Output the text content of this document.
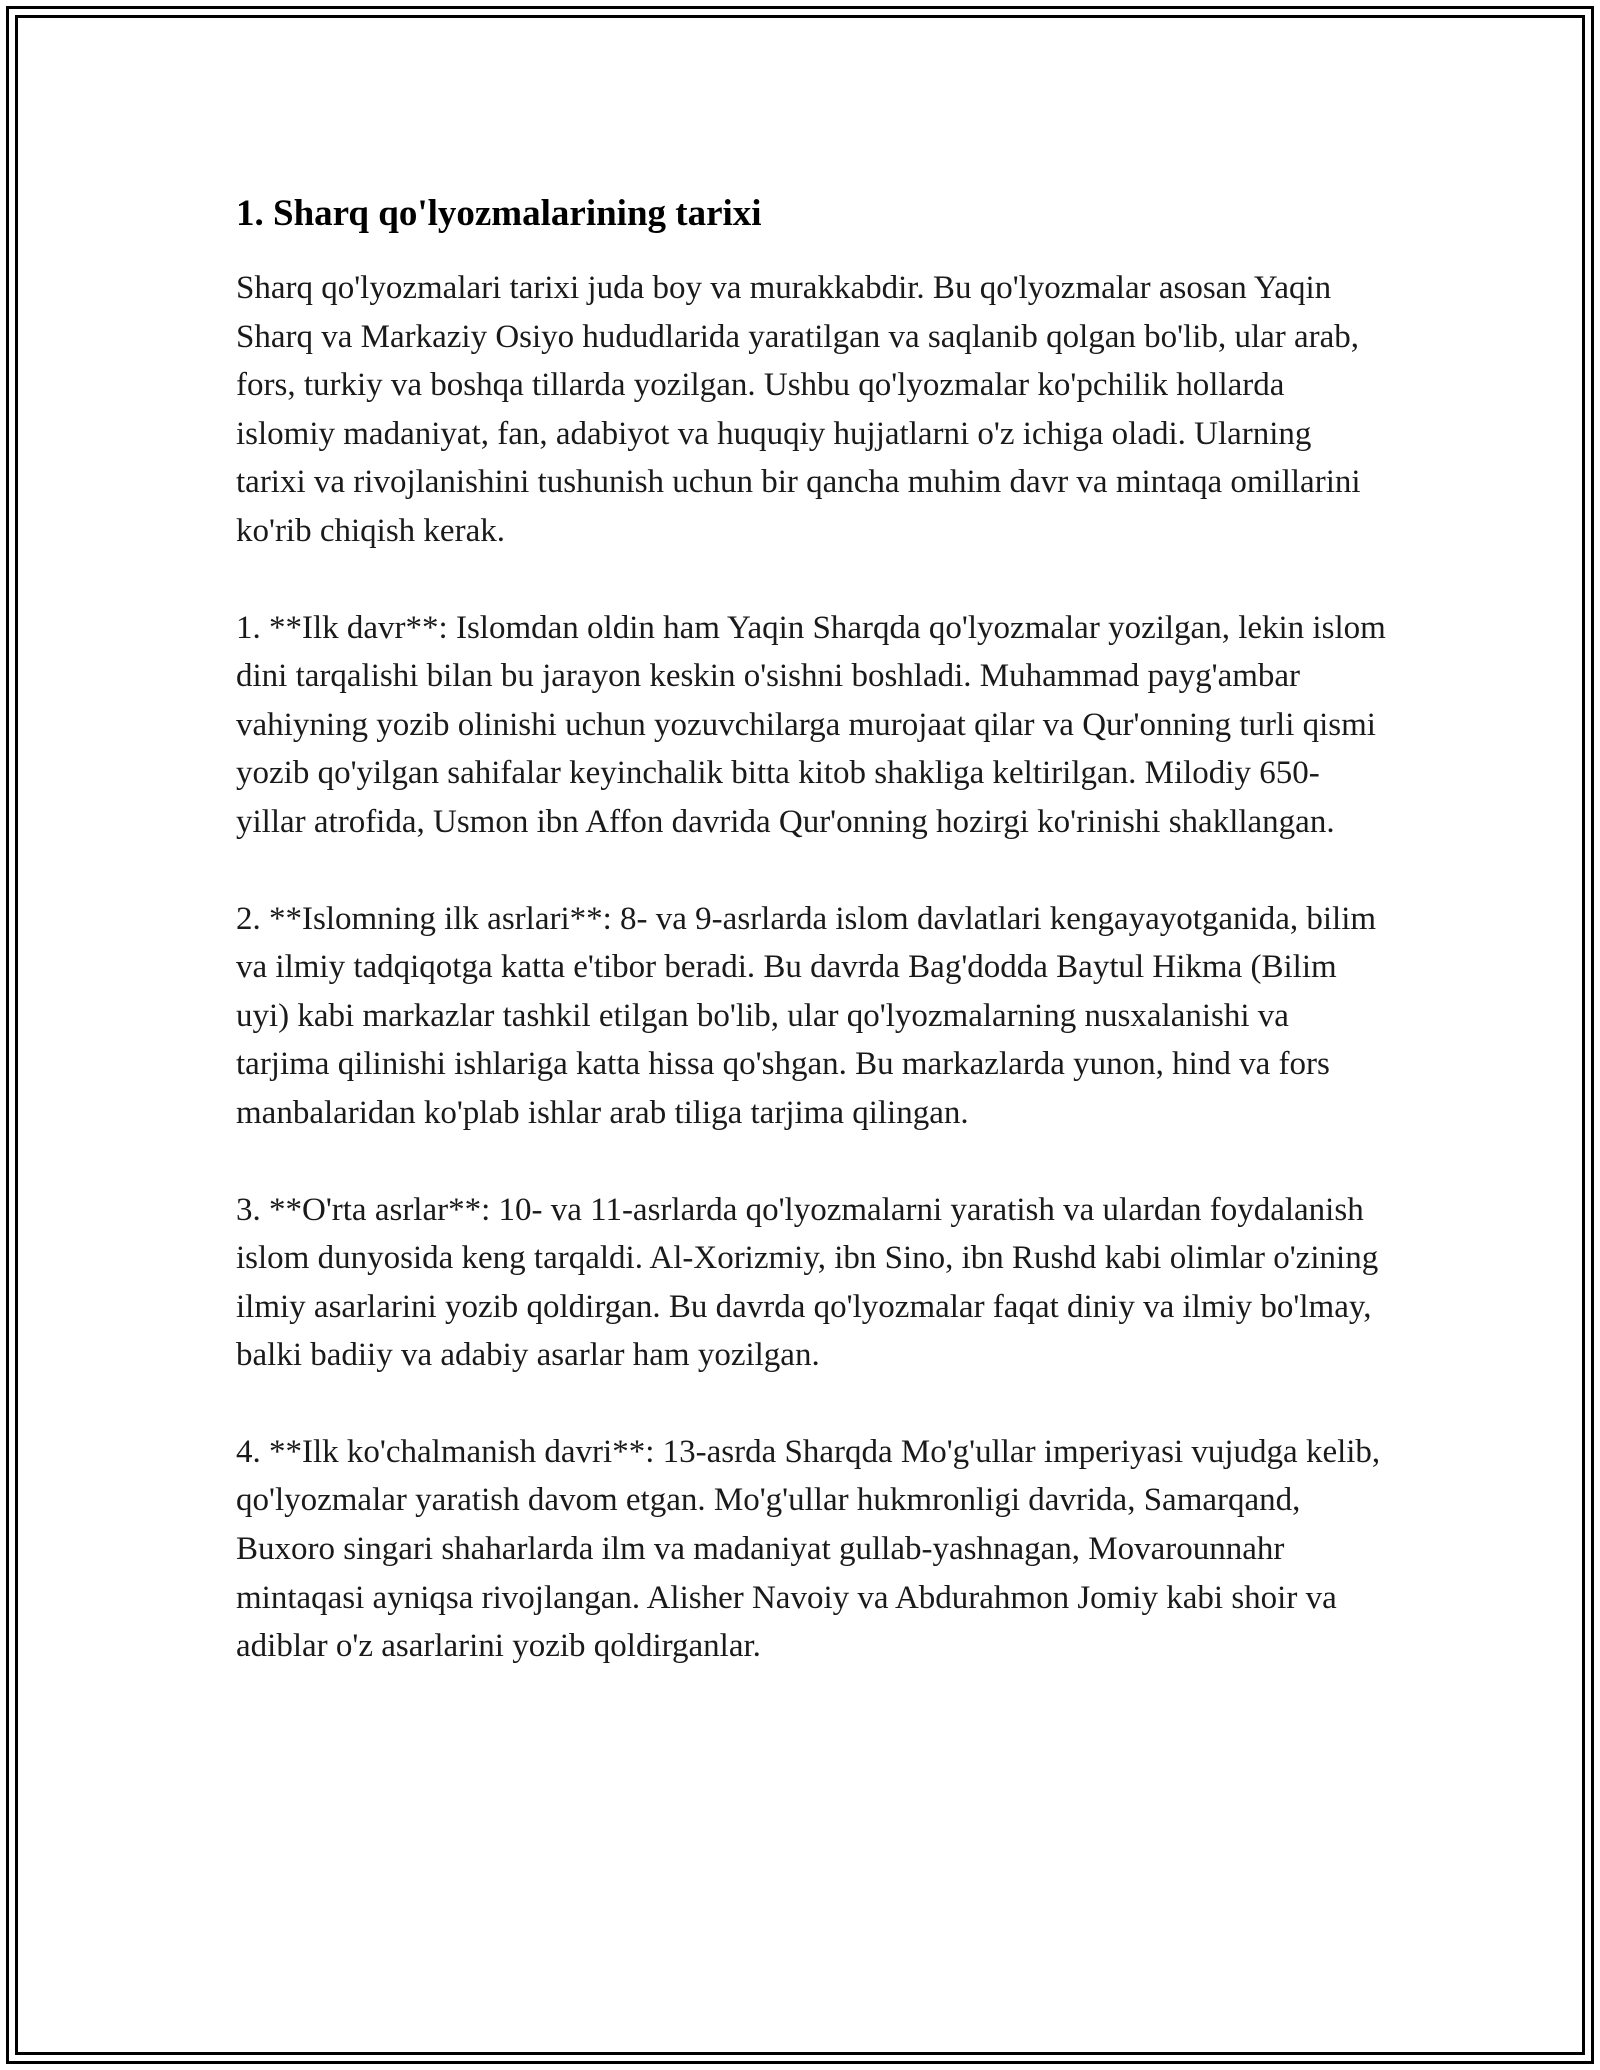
1. Sharq qo'lyozmalarining tarixi

Sharq qo'lyozmalari tarixi juda boy va murakkabdir. Bu qo'lyozmalar asosan Yaqin Sharq va Markaziy Osiyo hududlarida yaratilgan va saqlanib qolgan bo'lib, ular arab, fors, turkiy va boshqa tillarda yozilgan. Ushbu qo'lyozmalar ko'pchilik hollarda islomiy madaniyat, fan, adabiyot va huquqiy hujjatlarni o'z ichiga oladi. Ularning tarixi va rivojlanishini tushunish uchun bir qancha muhim davr va mintaqa omillarini ko'rib chiqish kerak.

1. **Ilk davr**: Islomdan oldin ham Yaqin Sharqda qo'lyozmalar yozilgan, lekin islom dini tarqalishi bilan bu jarayon keskin o'sishni boshladi. Muhammad payg'ambar vahiyning yozib olinishi uchun yozuvchilarga murojaat qilar va Qur'onning turli qismi yozib qo'yilgan sahifalar keyinchalik bitta kitob shakliga keltirilgan. Milodiy 650-yillar atrofida, Usmon ibn Affon davrida Qur'onning hozirgi ko'rinishi shakllangan.

2. **Islomning ilk asrlari**: 8- va 9-asrlarda islom davlatlari kengayayotganida, bilim va ilmiy tadqiqotga katta e'tibor beradi. Bu davrda Bag'dodda Baytul Hikma (Bilim uyi) kabi markazlar tashkil etilgan bo'lib, ular qo'lyozmalarning nusxalanishi va tarjima qilinishi ishlariga katta hissa qo'shgan. Bu markazlarda yunon, hind va fors manbalaridan ko'plab ishlar arab tiliga tarjima qilingan.

3. **O'rta asrlar**: 10- va 11-asrlarda qo'lyozmalarni yaratish va ulardan foydalanish islom dunyosida keng tarqaldi. Al-Xorizmiy, ibn Sino, ibn Rushd kabi olimlar o'zining ilmiy asarlarini yozib qoldirgan. Bu davrda qo'lyozmalar faqat diniy va ilmiy bo'lmay, balki badiiy va adabiy asarlar ham yozilgan.

4. **Ilk ko'chalmanish davri**: 13-asrda Sharqda Mo'g'ullar imperiyasi vujudga kelib, qo'lyozmalar yaratish davom etgan. Mo'g'ullar hukmronligi davrida, Samarqand, Buxoro singari shaharlarda ilm va madaniyat gullab-yashnagan, Movarounnahr mintaqasi ayniqsa rivojlangan. Alisher Navoiy va Abdurahmon Jomiy kabi shoir va adiblar o'z asarlarini yozib qoldirganlar.
